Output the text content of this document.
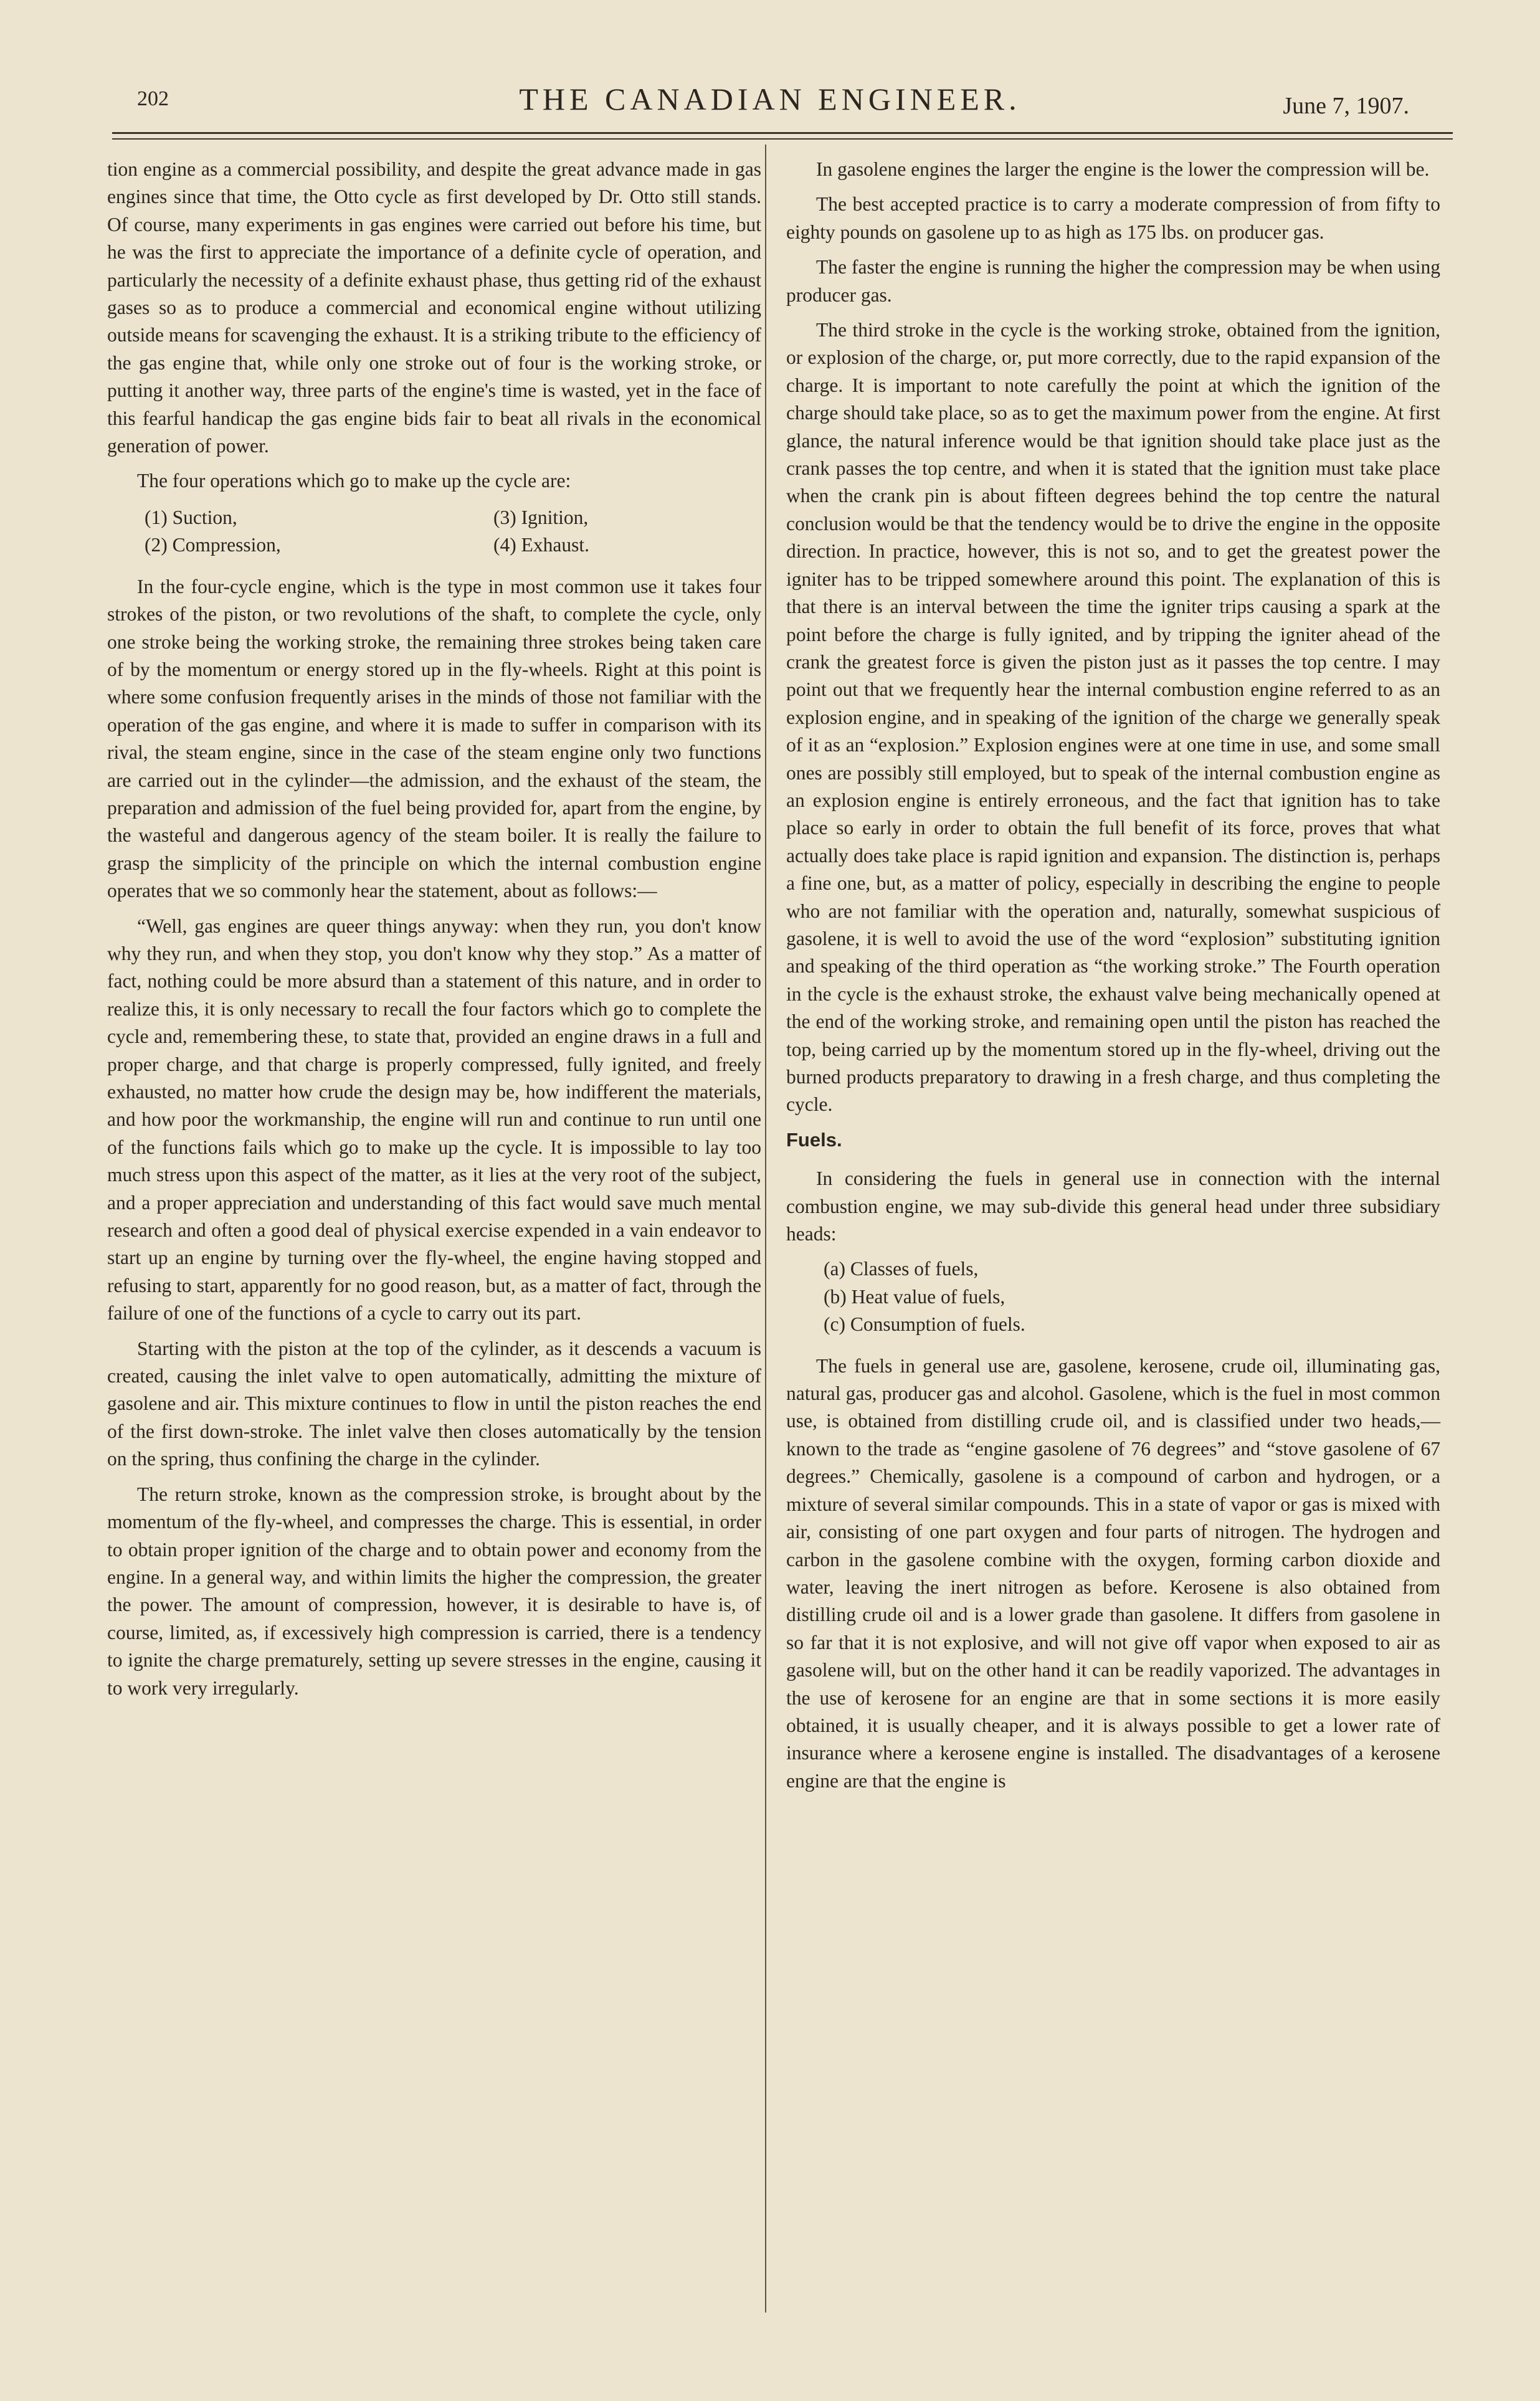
202	THE CANADIAN ENGINEER.	June 7, 1907.

tion engine as a commercial possibility, and despite the great advance made in gas engines since that time, the Otto cycle as first developed by Dr. Otto still stands. Of course, many experiments in gas engines were carried out before his time, but he was the first to appreciate the importance of a definite cycle of operation, and particularly the necessity of a definite exhaust phase, thus getting rid of the exhaust gases so as to produce a commercial and economical engine without utilizing outside means for scavenging the exhaust. It is a striking tribute to the efficiency of the gas engine that, while only one stroke out of four is the working stroke, or putting it another way, three parts of the engine's time is wasted, yet in the face of this fearful handicap the gas engine bids fair to beat all rivals in the economical generation of power.

The four operations which go to make up the cycle are:

(1) Suction,	(3) Ignition,
(2) Compression,	(4) Exhaust.

In the four-cycle engine, which is the type in most common use it takes four strokes of the piston, or two revolutions of the shaft, to complete the cycle, only one stroke being the working stroke, the remaining three strokes being taken care of by the momentum or energy stored up in the fly-wheels. Right at this point is where some confusion frequently arises in the minds of those not familiar with the operation of the gas engine, and where it is made to suffer in comparison with its rival, the steam engine, since in the case of the steam engine only two functions are carried out in the cylinder—the admission, and the exhaust of the steam, the preparation and admission of the fuel being provided for, apart from the engine, by the wasteful and dangerous agency of the steam boiler. It is really the failure to grasp the simplicity of the principle on which the internal combustion engine operates that we so commonly hear the statement, about as follows:—

“Well, gas engines are queer things anyway: when they run, you don't know why they run, and when they stop, you don't know why they stop.” As a matter of fact, nothing could be more absurd than a statement of this nature, and in order to realize this, it is only necessary to recall the four factors which go to complete the cycle and, remembering these, to state that, provided an engine draws in a full and proper charge, and that charge is properly compressed, fully ignited, and freely exhausted, no matter how crude the design may be, how indifferent the materials, and how poor the workmanship, the engine will run and continue to run until one of the functions fails which go to make up the cycle. It is impossible to lay too much stress upon this aspect of the matter, as it lies at the very root of the subject, and a proper appreciation and understanding of this fact would save much mental research and often a good deal of physical exercise expended in a vain endeavor to start up an engine by turning over the fly-wheel, the engine having stopped and refusing to start, apparently for no good reason, but, as a matter of fact, through the failure of one of the functions of a cycle to carry out its part.

Starting with the piston at the top of the cylinder, as it descends a vacuum is created, causing the inlet valve to open automatically, admitting the mixture of gasolene and air. This mixture continues to flow in until the piston reaches the end of the first down-stroke. The inlet valve then closes automatically by the tension on the spring, thus confining the charge in the cylinder.

The return stroke, known as the compression stroke, is brought about by the momentum of the fly-wheel, and compresses the charge. This is essential, in order to obtain proper ignition of the charge and to obtain power and economy from the engine. In a general way, and within limits the higher the compression, the greater the power. The amount of compression, however, it is desirable to have is, of course, limited, as, if excessively high compression is carried, there is a tendency to ignite the charge prematurely, setting up severe stresses in the engine, causing it to work very irregularly.

In gasolene engines the larger the engine is the lower the compression will be.

The best accepted practice is to carry a moderate compression of from fifty to eighty pounds on gasolene up to as high as 175 lbs. on producer gas.

The faster the engine is running the higher the compression may be when using producer gas.

The third stroke in the cycle is the working stroke, obtained from the ignition, or explosion of the charge, or, put more correctly, due to the rapid expansion of the charge. It is important to note carefully the point at which the ignition of the charge should take place, so as to get the maximum power from the engine. At first glance, the natural inference would be that ignition should take place just as the crank passes the top centre, and when it is stated that the ignition must take place when the crank pin is about fifteen degrees behind the top centre the natural conclusion would be that the tendency would be to drive the engine in the opposite direction. In practice, however, this is not so, and to get the greatest power the igniter has to be tripped somewhere around this point. The explanation of this is that there is an interval between the time the igniter trips causing a spark at the point before the charge is fully ignited, and by tripping the igniter ahead of the crank the greatest force is given the piston just as it passes the top centre. I may point out that we frequently hear the internal combustion engine referred to as an explosion engine, and in speaking of the ignition of the charge we generally speak of it as an “explosion.” Explosion engines were at one time in use, and some small ones are possibly still employed, but to speak of the internal combustion engine as an explosion engine is entirely erroneous, and the fact that ignition has to take place so early in order to obtain the full benefit of its force, proves that what actually does take place is rapid ignition and expansion. The distinction is, perhaps a fine one, but, as a matter of policy, especially in describing the engine to people who are not familiar with the operation and, naturally, somewhat suspicious of gasolene, it is well to avoid the use of the word “explosion” substituting ignition and speaking of the third operation as “the working stroke.” The Fourth operation in the cycle is the exhaust stroke, the exhaust valve being mechanically opened at the end of the working stroke, and remaining open until the piston has reached the top, being carried up by the momentum stored up in the fly-wheel, driving out the burned products preparatory to drawing in a fresh charge, and thus completing the cycle.

Fuels.

In considering the fuels in general use in connection with the internal combustion engine, we may sub-divide this general head under three subsidiary heads:

(a) Classes of fuels,
(b) Heat value of fuels,
(c) Consumption of fuels.

The fuels in general use are, gasolene, kerosene, crude oil, illuminating gas, natural gas, producer gas and alcohol. Gasolene, which is the fuel in most common use, is obtained from distilling crude oil, and is classified under two heads,—known to the trade as “engine gasolene of 76 degrees” and “stove gasolene of 67 degrees.” Chemically, gasolene is a compound of carbon and hydrogen, or a mixture of several similar compounds. This in a state of vapor or gas is mixed with air, consisting of one part oxygen and four parts of nitrogen. The hydrogen and carbon in the gasolene combine with the oxygen, forming carbon dioxide and water, leaving the inert nitrogen as before. Kerosene is also obtained from distilling crude oil and is a lower grade than gasolene. It differs from gasolene in so far that it is not explosive, and will not give off vapor when exposed to air as gasolene will, but on the other hand it can be readily vaporized. The advantages in the use of kerosene for an engine are that in some sections it is more easily obtained, it is usually cheaper, and it is always possible to get a lower rate of insurance where a kerosene engine is installed. The disadvantages of a kerosene engine are that the engine is
